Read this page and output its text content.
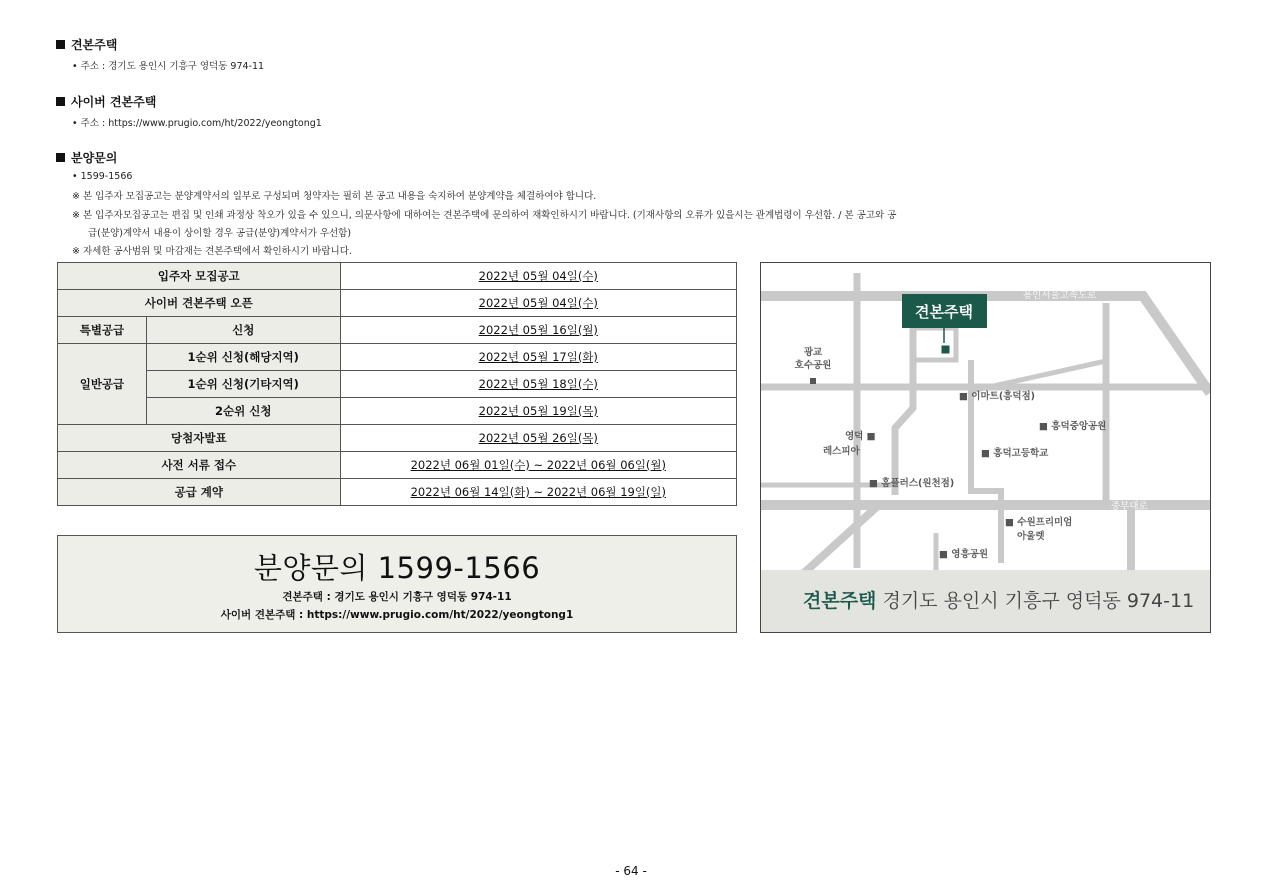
견본주택
• 주소 : 경기도 용인시 기흥구 영덕동 974-11
사이버 견본주택
• 주소 : https://www.prugio.com/ht/2022/yeongtong1
분양문의
• 1599-1566
※ 본 입주자 모집공고는 분양계약서의 일부로 구성되며 청약자는 필히 본 공고 내용을 숙지하여 분양계약을 체결하여야 합니다.
※ 본 입주자모집공고는 편집 및 인쇄 과정상 착오가 있을 수 있으니, 의문사항에 대하여는 견본주택에 문의하여 재확인하시기 바랍니다. (기재사항의 오류가 있을시는 관계법령이 우선함. / 본 공고와 공
급(분양)계약서 내용이 상이할 경우 공급(분양)계약서가 우선함)
※ 자세한 공사범위 및 마감재는 견본주택에서 확인하시기 바랍니다.
입주자 모집공고		2022년 05월 04일(수)
사이버 견본주택 오픈		2022년 05월 04일(수)
특별공급	신청	2022년 05월 16일(월)
일반공급	1순위 신청(해당지역)	2022년 05월 17일(화)
	1순위 신청(기타지역)	2022년 05월 18일(수)
	2순위 신청	2022년 05월 19일(목)
당첨자발표		2022년 05월 26일(목)
사전 서류 접수		2022년 06월 01일(수) ~ 2022년 06월 06일(월)
공급 계약		2022년 06월 14일(화) ~ 2022년 06월 19일(일)
분양문의 1599-1566
견본주택 : 경기도 용인시 기흥구 영덕동 974-11
사이버 견본주택 : https://www.prugio.com/ht/2022/yeongtong1
용인서울고속도로
중부대로
견본주택
광교
호수공원
■ 이마트(흥덕점)
■ 흥덕중앙공원
영덕 ■
레스피아	■ 흥덕고등학교
■ 홈플러스(원천점)
■ 수원프리미엄
아울렛
■ 영흥공원
견본주택 경기도 용인시 기흥구 영덕동 974-11
- 64 -
